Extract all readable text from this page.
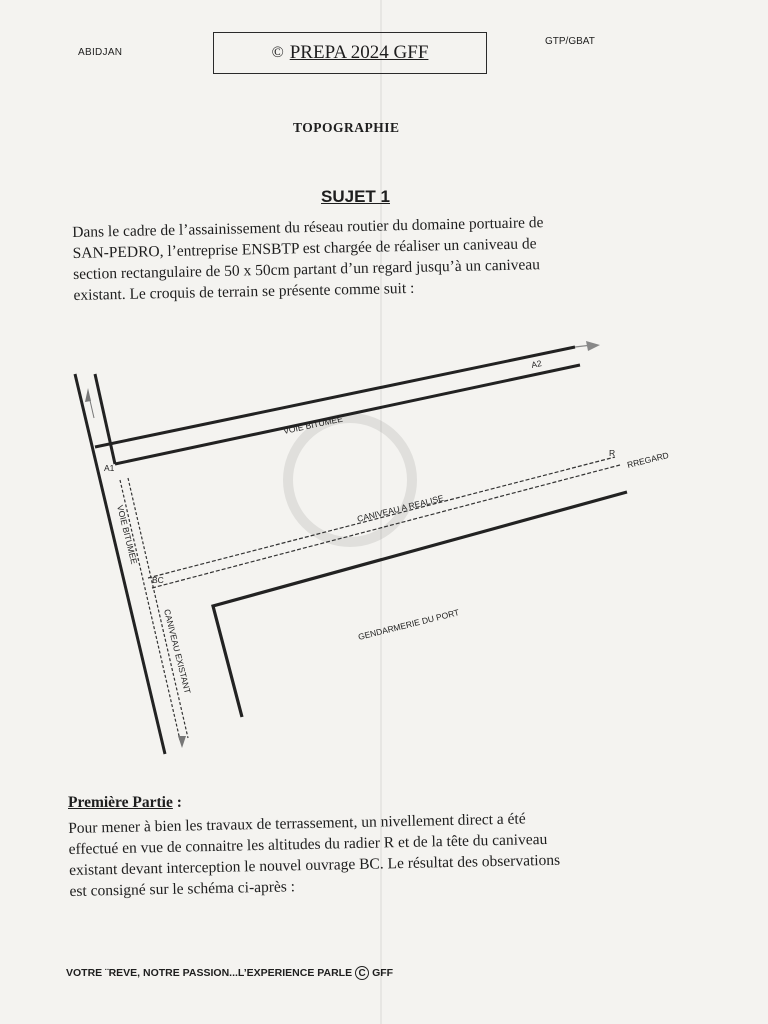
ABIDJAN	© PREPA 2024 GFF
GTP/GBAT
TOPOGRAPHIE
SUJET 1

Dans le cadre de l’assainissement du réseau routier du domaine portuaire de

SAN-PEDRO, l’entreprise ENSBTP est chargée de réaliser un caniveau de

section rectangulaire de 50 x 50cm partant d’un regard jusqu’à un caniveau

existant. Le croquis de terrain se présente comme suit :

A2
A1
R RREGARD
BC
VOIE BITUMEE
VOIE BITUMEE	CANIVEAU A REALISE
CANIVEAU EXISTANT	GENDARMERIE DU PORT
Première Partie :

Pour mener à bien les travaux de terrassement, un nivellement direct a été

effectué en vue de connaitre les altitudes du radier R et de la tête du caniveau

existant devant interception le nouvel ouvrage BC. Le résultat des observations

est consigné sur le schéma ci-après :

VOTRE ¨REVE, NOTRE PASSION...L’EXPERIENCE PARLE C GFF
